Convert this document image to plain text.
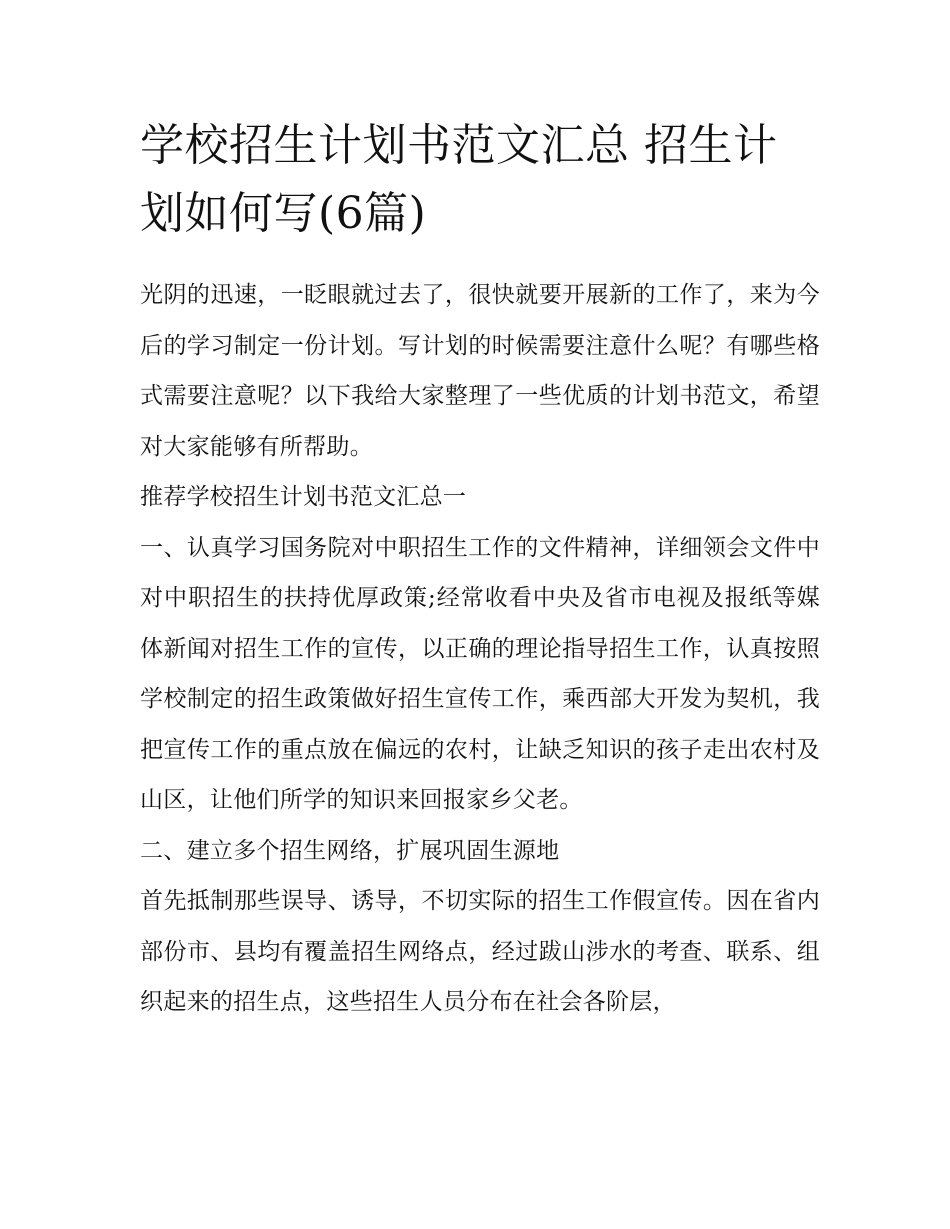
学校招生计划书范文汇总 招生计划如何写(6篇)

光阴的迅速，一眨眼就过去了，很快就要开展新的工作了，来为今后的学习制定一份计划。写计划的时候需要注意什么呢？有哪些格式需要注意呢？以下我给大家整理了一些优质的计划书范文，希望对大家能够有所帮助。

推荐学校招生计划书范文汇总一

一、认真学习国务院对中职招生工作的文件精神，详细领会文件中对中职招生的扶持优厚政策;经常收看中央及省市电视及报纸等媒体新闻对招生工作的宣传，以正确的理论指导招生工作，认真按照学校制定的招生政策做好招生宣传工作，乘西部大开发为契机，我把宣传工作的重点放在偏远的农村，让缺乏知识的孩子走出农村及山区，让他们所学的知识来回报家乡父老。

二、建立多个招生网络，扩展巩固生源地

首先抵制那些误导、诱导，不切实际的招生工作假宣传。因在省内部份市、县均有覆盖招生网络点，经过跋山涉水的考查、联系、组织起来的招生点，这些招生人员分布在社会各阶层，
